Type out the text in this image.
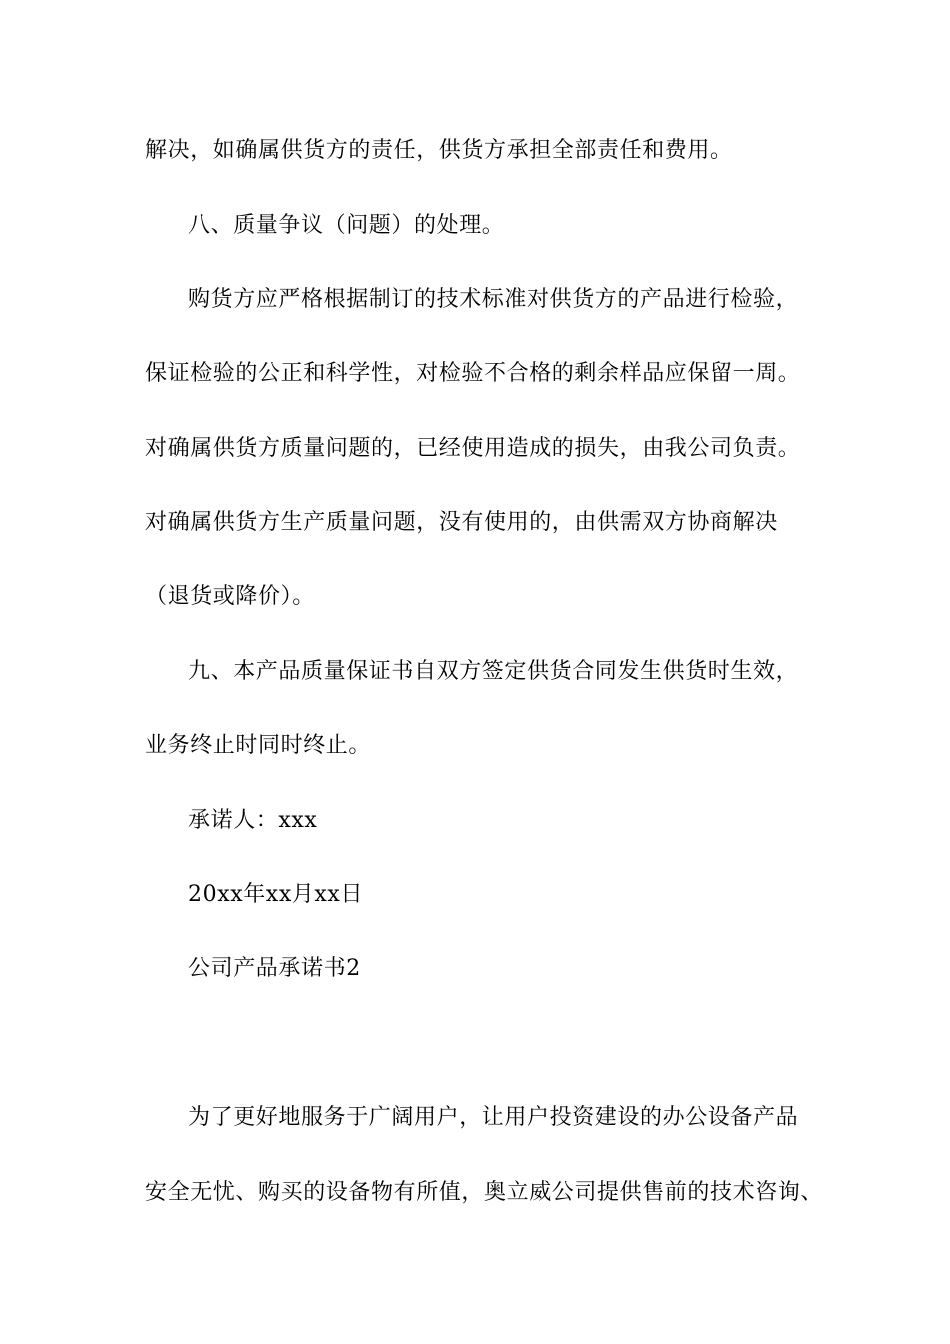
解决，如确属供货方的责任，供货方承担全部责任和费用。
八、质量争议（问题）的处理。
购货方应严格根据制订的技术标准对供货方的产品进行检验，
保证检验的公正和科学性，对检验不合格的剩余样品应保留一周。
对确属供货方质量问题的，已经使用造成的损失，由我公司负责。
对确属供货方生产质量问题，没有使用的，由供需双方协商解决
（退货或降价）。
九、本产品质量保证书自双方签定供货合同发生供货时生效，
业务终止时同时终止。
承诺人：xxx
20xx年xx月xx日
公司产品承诺书2
为了更好地服务于广阔用户，让用户投资建设的办公设备产品
安全无忧、购买的设备物有所值，奥立威公司提供售前的技术咨询、
